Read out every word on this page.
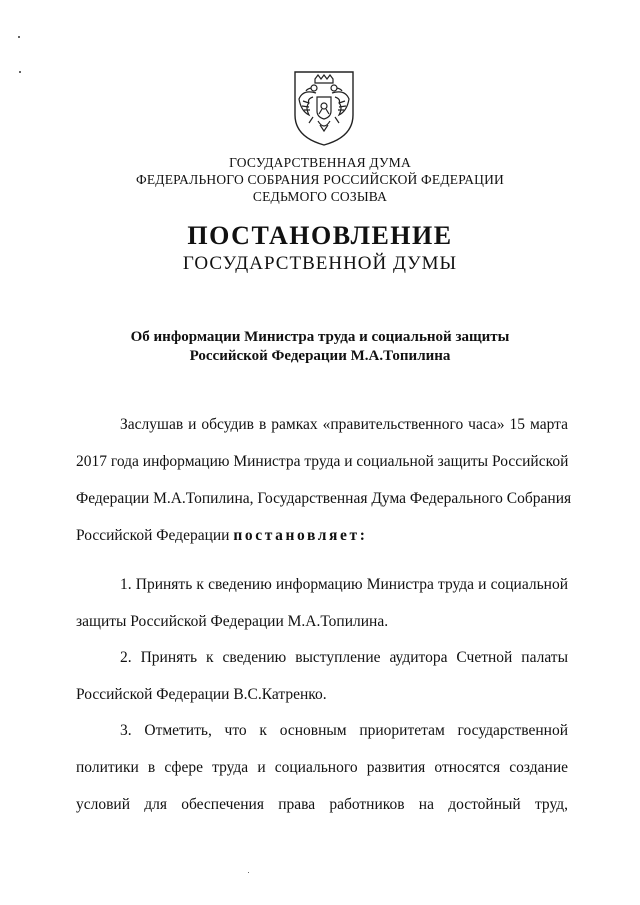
ГОСУДАРСТВЕННАЯ ДУМА
ФЕДЕРАЛЬНОГО СОБРАНИЯ РОССИЙСКОЙ ФЕДЕРАЦИИ
СЕДЬМОГО СОЗЫВА
ПОСТАНОВЛЕНИЕ
ГОСУДАРСТВЕННОЙ ДУМЫ
Об информации Министра труда и социальной защиты
Российской Федерации М.А.Топилина
Заслушав и обсудив в рамках «правительственного часа» 15 марта
2017 года информацию Министра труда и социальной защиты Российской
Федерации М.А.Топилина, Государственная Дума Федерального Собрания
Российской Федерации постановляет:
1. Принять к сведению информацию Министра труда и социальной
защиты Российской Федерации М.А.Топилина.
2. Принять к сведению выступление аудитора Счетной палаты
Российской Федерации В.С.Катренко.
3. Отметить, что к основным приоритетам государственной
политики в сфере труда и социального развития относятся создание
условий для обеспечения права работников на достойный труд,
